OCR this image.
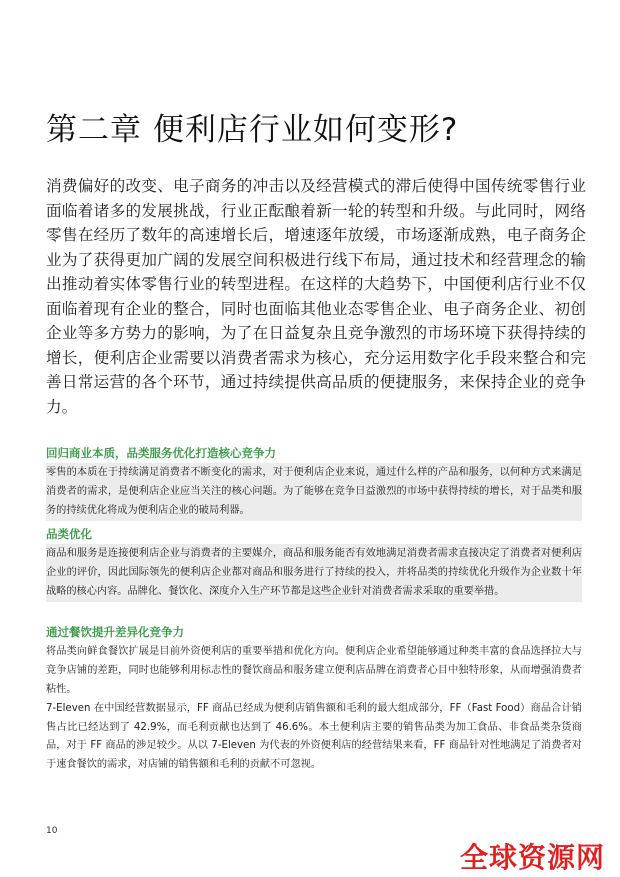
第二章 便利店行业如何变形?

消费偏好的改变、电子商务的冲击以及经营模式的滞后使得中国传统零售行业面临着诸多的发展挑战，行业正酝酿着新一轮的转型和升级。与此同时，网络零售在经历了数年的高速增长后，增速逐年放缓，市场逐渐成熟，电子商务企业为了获得更加广阔的发展空间积极进行线下布局，通过技术和经营理念的输出推动着实体零售行业的转型进程。在这样的大趋势下，中国便利店行业不仅面临着现有企业的整合，同时也面临其他业态零售企业、电子商务企业、初创企业等多方势力的影响，为了在日益复杂且竞争激烈的市场环境下获得持续的增长，便利店企业需要以消费者需求为核心，充分运用数字化手段来整合和完善日常运营的各个环节，通过持续提供高品质的便捷服务，来保持企业的竞争力。

回归商业本质，品类服务优化打造核心竞争力
零售的本质在于持续满足消费者不断变化的需求，对于便利店企业来说，通过什么样的产品和服务，以何种方式来满足消费者的需求，是便利店企业应当关注的核心问题。为了能够在竞争日益激烈的市场中获得持续的增长，对于品类和服务的持续优化将成为便利店企业的破局利器。
品类优化
商品和服务是连接便利店企业与消费者的主要媒介，商品和服务能否有效地满足消费者需求直接决定了消费者对便利店企业的评价，因此国际领先的便利店企业都对商品和服务进行了持续的投入，并将品类的持续优化升级作为企业数十年战略的核心内容。品牌化、餐饮化、深度介入生产环节都是这些企业针对消费者需求采取的重要举措。
通过餐饮提升差异化竞争力
将品类向鲜食餐饮扩展是目前外资便利店的重要举措和优化方向。便利店企业希望能够通过种类丰富的食品选择拉大与竞争店铺的差距，同时也能够利用标志性的餐饮商品和服务建立便利店品牌在消费者心目中独特形象，从而增强消费者粘性。
7-Eleven 在中国经营数据显示，FF 商品已经成为便利店销售额和毛利的最大组成部分，FF（Fast Food）商品合计销售占比已经达到了 42.9%，而毛利贡献也达到了 46.6%。本土便利店主要的销售品类为加工食品、非食品类杂货商品，对于 FF 商品的涉足较少。从以 7-Eleven 为代表的外资便利店的经营结果来看，FF 商品针对性地满足了消费者对于速食餐饮的需求，对店铺的销售额和毛利的贡献不可忽视。
10
全球资源网
